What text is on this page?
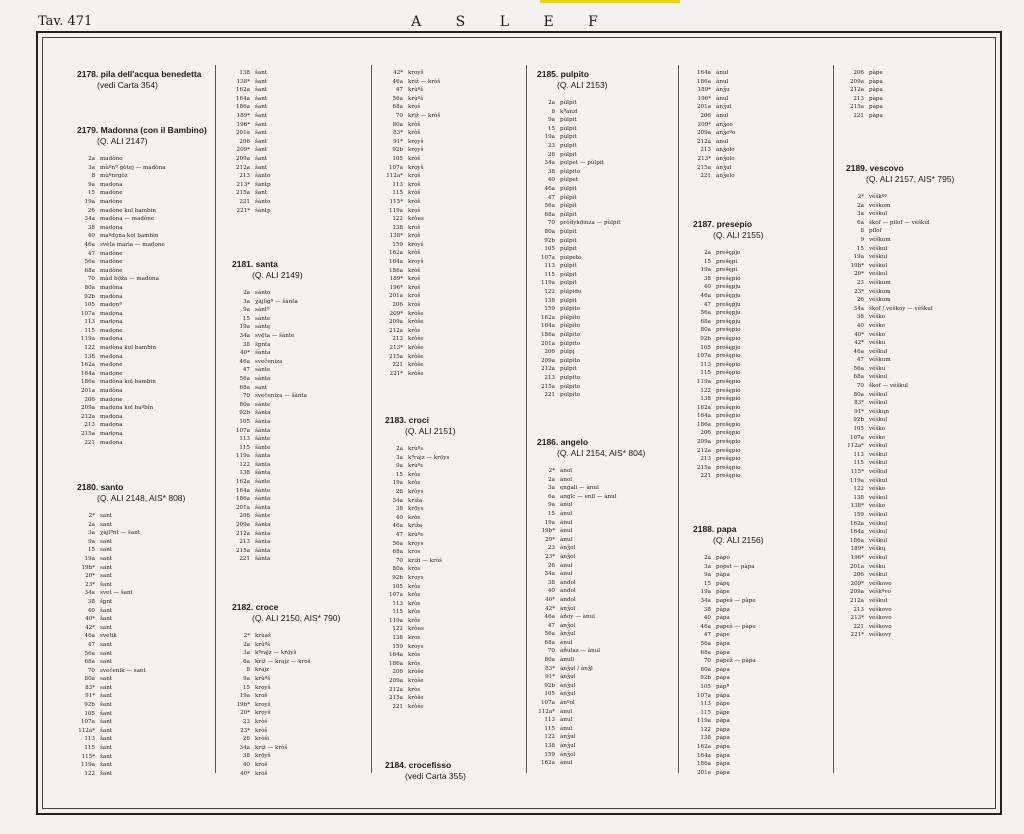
Tav. 471	A S L E F
2178. pila dell'acqua benedetta
(vedi Carta 354)
2179. Madonna (con il Bambino)
(Q. ALI 2147)
2a madòno
3a mùºnª gòtej — madòna
8 mùºnrgòz
9a madọna
15 madòne
19a madòne
26 madòne kul bambin
34a madòna — madòne
38 madọna
40 maºdọna koi bambin
46a svèta marìa — madọne
47 madòne
56a madòne
68a madòne
70 màd bọ̄ža — madòna
80a madòna
92b madòna
105 madọnª
107a madọna
113 madọna
115 madọne
119a madọna
122 madòna kul bambin
138 madọna
162a madọne
164a madọne
186a madòna kol bambin
201a madòna
206 madọne
209a madọna kol baºbìn
212a madọna
213 madọna
215a madọna
221 madọna
2180. santo
(Q. ALI 2148, AIS* 808)
2* sant
2a sant
3a χàjlªnt — šant
9a sant
15 sant
19a sant
19b* sant
20* sant
23* šant
34a svet — šant
38 šp̧nt
40 šant
40* šant
42* sant
46a svetik
47 sant
56a sant
68a sant
70 svečenik — sant
80a sant
83* sant
91* šant
92b šant
105 šant
107a šant
112a* šant
113 šant
115 šant
115* šant
119a šant
122 šant
138 šant
138* šant
162a šant
164a šant
186a šant
189* šant
196* šant
201a šant
206 šant
209* šant
209a šant
212a šant
213 šànto
213* šàntp
215a šant
221 šànto
221* šàntp
2181. santa
(Q. ALI 2149)
2a sànto
3a χàjlìgª — šànta
9a sàntª
15 sànte
19a sàntę
34a svę̄ta — šànte
38 šp̧nta
40* šànta
46a svečeniza
47 sànte
56a sànta
68a sant
70 svečeniza — šànta
80a sànte
92b šànta
105 šànta
107a šànta
113 šànte
115 šànte
119a šànta
122 šànta
138 šànta
162a šànte
164a šànte
186a šànta
201a šànta
206 šànte
209a šànta
212a šànta
213 šànta
215a šànta
221 šànta
2182. croce
(Q. ALI 2150, AIS* 790)
2* krùaš
2a krùºš
3a kªrajz — krọ̄yš
6a križ — krajz — kroš
8 krajz
9a krùºš
15 krọyš
19a kroš
19b* kroyš
20* krọyš
23 kròš
23* kròš
26 kròši
34a križ — kròš
38 krọ̄yš
40 kroš
40* kròš
42* kroyš
46a križ — kròš
47 krùºš
56a krùºš
68a krọš
70 križ — kròš
80a kròš
83* kròš
91* krọyš
92b krọyš
105 kròš
107a krọyš
112a* krọš
113 krọš
115 kròš
115* kròš
119a krọš
122 kròus
138 kroš
138* krọš
159 kroyš
162a kròš
164a kroyš
186a kròš
189* krọš
196* krọš
201a kroš
206 kròš
209* kròše
209a kròše
212a kròs
213 kròše
213* kròše
215a kròše
221 kròše
221* kròše
2183. croci
(Q. ALI 2151)
2a krùºs
3a kªrajz — krọ̄ys
9a krùºs
15 kròs
19a kròs
26 kròys
34a križa
38 krọ̄ys
40 kròs
46a križa
47 krùºs
56a krọys
68a kros
70 križi — kròš
80a kròs
92b krọys
105 kròs
107a kròs
113 kròs
115 kròs
119a kròs
122 kròus
138 kros
159 kroys
164a kròs
186a kròs
206 kròše
209a kròše
212a kròs
215a kròše
221 kròše
2184. crocefisso
(vedi Carta 355)
2185. pulpito
(Q. ALI 2153)
2a pùlpit
8 kªanzl
9a pùlpit
15 pùlpit
19a pùlpit
23 pùlpit
26 pùlpit
34a pùlpet — pùlpit
38 pùlpito
40 pùlpet
46a pùlpit
47 pùlpit
56a pùlpit
68a pùlpit
70 pròdykọ̄inza — pùlpit
80a pùlpit
92b pùlpit
105 pùlpit
107a pùlpeto
113 pùlpit
115 pùlpit
119a pùlpit
122 pùlpidu
138 pùlpit
159 pùlpito
162a pùlpito
164a pùlpito
186a pùlpito
201a pùlpito
206 pùlpį
209a pùlpito
212a pùlpit
213 pùlpito
215a pùlpito
221 pùlpito
2186. angelo
(Q. ALI 2154, AIS* 804)
2* ànol
2a ànol
3a ęngali — ànul
6a anglc — enll — ànul
9a ànul
15 ànul
19a ànul
19b* ànul
20* ànul
23 ànǯol
23* ànǯol
26 ànul
34a ànul
38 àndol
40 àndol
40* àndol
42* ànǯol
46a àñoy — ànul
47 ànǯol
56a ànǯul
68a ànul
70 àñulaz — ànul
80a ànuli
83* ànǯul / ànǯl
91* ànǯul
92b ànǯul
105 ànǯul
107a ànºol
112a* ànul
113 ànul
115 ànul
122 ànǯul
138 ànǯul
159 ànǯol
162a ànul
164a ànul
186a ànul
189* ànǯu
196* ànul
201a ànǯul
206 ànul
209* ànǯeo
209a ànǯeºo
212a ànul
213 ànǯolo
213* ànǯolo
215a ànǯul
221 ànǯelo
2187. presepio
(Q. ALI 2155)
2a prešępjo
15 prešępi
19a prešępi
38 prešępio
40 prešępju
46a prešępju
47 prešępju
56a prešępju
68a prešępju
80a prešępio
92b prešępio
105 prošępjo
107a prešępio
113 prešępio
115 prešępio
119a prešępio
122 prešępio
138 prešępio
162a prešępio
164a prešępio
186a prešępio
206 prešępio
209a prešępio
212a prešępio
213 prešępio
215a prešępio
221 prešępio
2188. papa
(Q. ALI 2156)
2a pàpo
3a popst — pàpa
9a pàpa
15 pàpę
19a pàpe
34a papeš — pàpe
38 pàpa
40 pàpa
46a papeš — pàpe
47 pàpe
56a pàpa
68a pàpa
70 pàpež — pàpa
80a pàpa
92b pàpa
105 pàpª
107a pàpa
113 pàpe
115 pàpe
119a pàpa
122 pàpa
138 pàpa
162a pàpa
164a pàpa
186a pàpa
201a pàpa
206 pàpe
209a pàpa
212a pàpa
213 pàpa
215a pàpa
221 pàpa
2189. vescovo
(Q. ALI 2157, AIS* 795)
2* véškºº
2a véškom
3a véškul
6a škof — pilof — véškul
8 pilof
9 véškum
15 véškul
19a véškul
19b* véškul
20* véškul
23 véškum
23* véškum
26 véškum
34a škof / véškoy — véškul
38 véško
40 véško
40* véško
42* véšku
46a véškul
47 véškum
56a véšku
68a véškul
70 škof — véškul
80a véškul
83* véškul
91* véškųn
92b véškul
105 véško
107a véško
112a* véškul
113 véškul
115 véškul
115* véškul
119a véškul
122 véško
138 véškul
138* véško
159 véškul
162a véškul
164a véškul
186a véškul
189* véškų
196* véškul
201a véšku
206 véškul
209* véškovo
209a véškºvo
212a véškul
213 véškovo
213* véškovo
221 véškovo
221* véškovy
